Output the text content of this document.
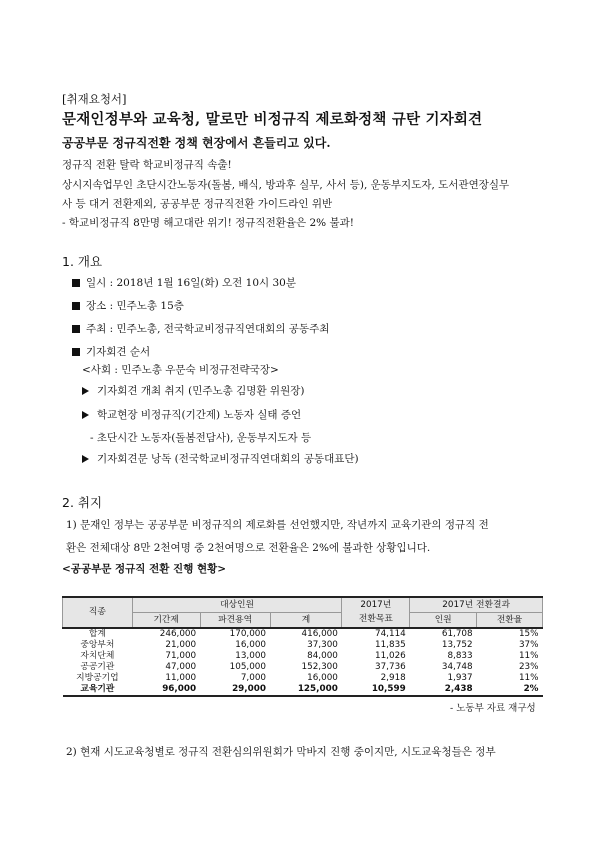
[취재요청서]
문재인정부와 교육청, 말로만 비정규직 제로화정책 규탄 기자회견
공공부문 정규직전환 정책 현장에서 흔들리고 있다.
정규직 전환 탈락 학교비정규직 속출!
상시지속업무인 초단시간노동자(돌봄, 배식, 방과후 실무, 사서 등), 운동부지도자, 도서관연장실무
사 등 대거 전환제외, 공공부문 정규직전환 가이드라인 위반
- 학교비정규직 8만명 해고대란 위기! 정규직전환율은 2% 불과!
1. 개요
일시 : 2018년 1월 16일(화) 오전 10시 30분
장소 : 민주노총 15층
주최 : 민주노총, 전국학교비정규직연대회의 공동주최
기자회견 순서
<사회 : 민주노총 우문숙 비정규전략국장>
기자회견 개최 취지 (민주노총 김명환 위원장)
학교현장 비정규직(기간제) 노동자 실태 증언
- 초단시간 노동자(돌봄전담사), 운동부지도자 등
기자회견문 낭독 (전국학교비정규직연대회의 공동대표단)
2. 취지
1) 문재인 정부는 공공부문 비정규직의 제로화를 선언했지만, 작년까지 교육기관의 정규직 전
환은 전체대상 8만 2천여명 중 2천여명으로 전환율은 2%에 불과한 상황입니다.
<공공부문 정규직 전환 진행 현황>
직종	대상인원			2017년	2017년 전환결과	
	기간제	파견용역	계	전환목표	인원	전환율
합계	246,000	170,000	416,000	74,114	61,708	15%
중앙부처	21,000	16,000	37,300	11,835	13,752	37%
자치단체	71,000	13,000	84,000	11,026	8,833	11%
공공기관	47,000	105,000	152,300	37,736	34,748	23%
지방공기업	11,000	7,000	16,000	2,918	1,937	11%
교육기관	96,000	29,000	125,000	10,599	2,438	2%
- 노동부 자료 재구성
2) 현재 시도교육청별로 정규직 전환심의위원회가 막바지 진행 중이지만, 시도교육청들은 정부
